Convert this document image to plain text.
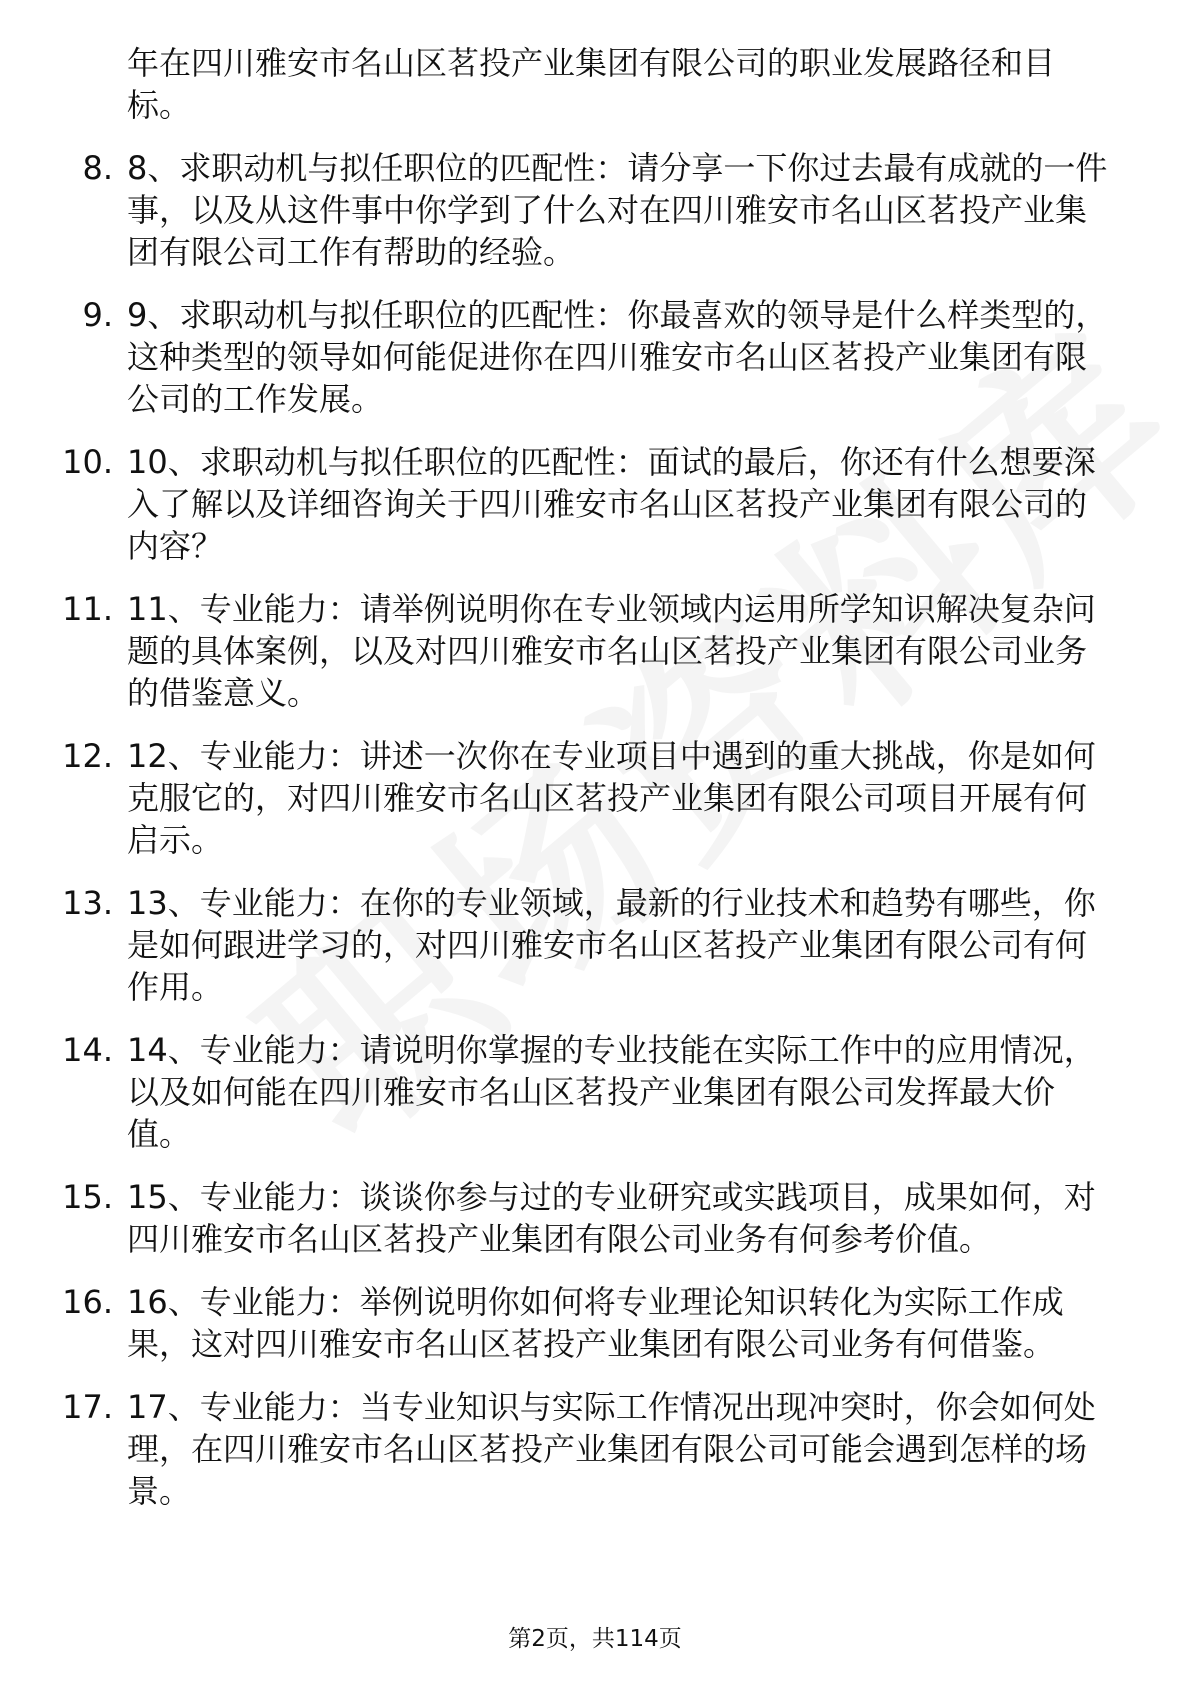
年在四川雅安市名山区茗投产业集团有限公司的职业发展路径和目标。

8. 8、求职动机与拟任职位的匹配性：请分享一下你过去最有成就的一件事，以及从这件事中你学到了什么对在四川雅安市名山区茗投产业集团有限公司工作有帮助的经验。
9. 9、求职动机与拟任职位的匹配性：你最喜欢的领导是什么样类型的，这种类型的领导如何能促进你在四川雅安市名山区茗投产业集团有限公司的工作发展。
10. 10、求职动机与拟任职位的匹配性：面试的最后，你还有什么想要深入了解以及详细咨询关于四川雅安市名山区茗投产业集团有限公司的内容？
11. 11、专业能力：请举例说明你在专业领域内运用所学知识解决复杂问题的具体案例，以及对四川雅安市名山区茗投产业集团有限公司业务的借鉴意义。
12. 12、专业能力：讲述一次你在专业项目中遇到的重大挑战，你是如何克服它的，对四川雅安市名山区茗投产业集团有限公司项目开展有何启示。
13. 13、专业能力：在你的专业领域，最新的行业技术和趋势有哪些，你是如何跟进学习的，对四川雅安市名山区茗投产业集团有限公司有何作用。
14. 14、专业能力：请说明你掌握的专业技能在实际工作中的应用情况，以及如何能在四川雅安市名山区茗投产业集团有限公司发挥最大价值。
15. 15、专业能力：谈谈你参与过的专业研究或实践项目，成果如何，对四川雅安市名山区茗投产业集团有限公司业务有何参考价值。
16. 16、专业能力：举例说明你如何将专业理论知识转化为实际工作成果，这对四川雅安市名山区茗投产业集团有限公司业务有何借鉴。
17. 17、专业能力：当专业知识与实际工作情况出现冲突时，你会如何处理，在四川雅安市名山区茗投产业集团有限公司可能会遇到怎样的场景。
第2页，共114页
